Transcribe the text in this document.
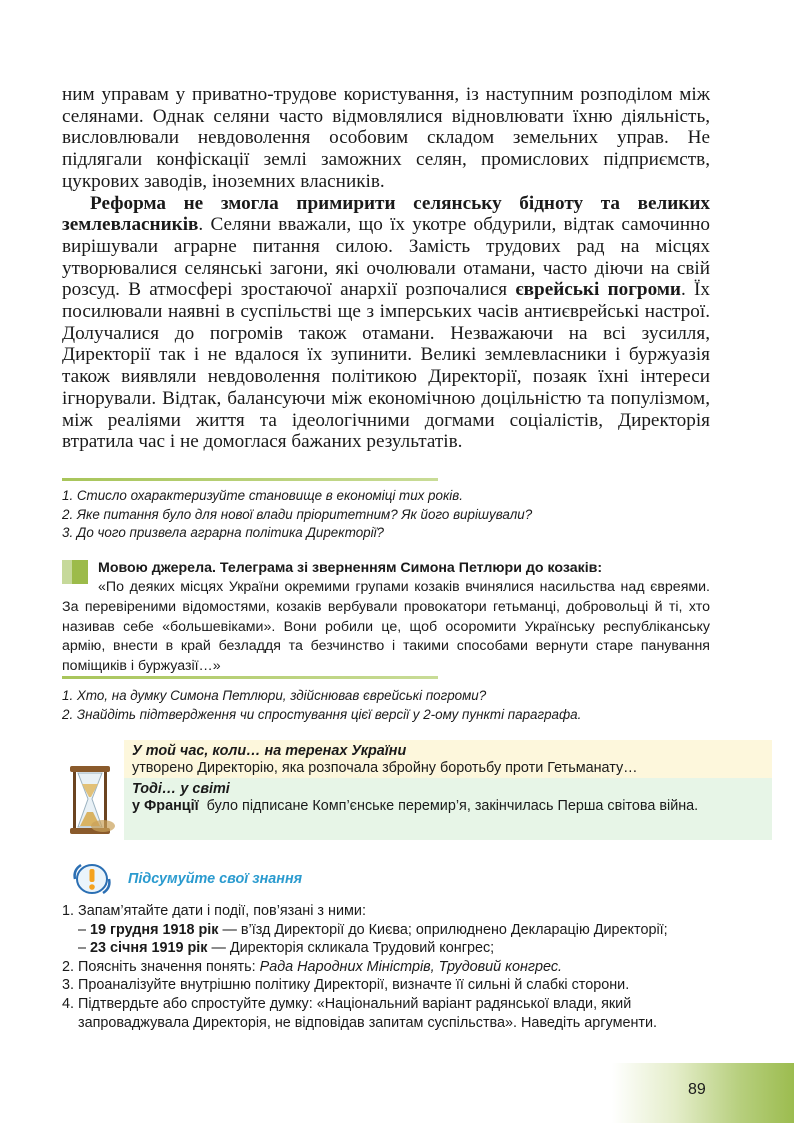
ним управам у приватно-трудове користування, із наступним розподілом між селянами. Однак селяни часто відмовлялися відновлювати їхню діяльність, висловлювали невдоволення особовим складом земельних управ. Не підлягали конфіскації землі заможних селян, промислових підприємств, цукрових заводів, іноземних власників.

Реформа не змогла примирити селянську бідноту та великих землевласників. Селяни вважали, що їх укотре обдурили, відтак самочинно вирішували аграрне питання силою. Замість трудових рад на місцях утворювалися селянські загони, які очолювали отамани, часто діючи на свій розсуд. В атмосфері зростаючої анархії розпочалися єврейські погроми. Їх посилювали наявні в суспільстві ще з імперських часів антиєврейські настрої. Долучалися до погромів також отамани. Незважаючи на всі зусилля, Директорії так і не вдалося їх зупинити. Великі землевласники і буржуазія також виявляли невдоволення політикою Директорії, позаяк їхні інтереси ігнорували. Відтак, балансуючи між економічною доцільністю та популізмом, між реаліями життя та ідеологічними догмами соціалістів, Директорія втратила час і не домоглася бажаних результатів.

1. Стисло охарактеризуйте становище в економіці тих років.
2. Яке питання було для нової влади пріоритетним? Як його вирішували?
3. До чого призвела аграрна політика Директорії?
Мовою джерела. Телеграма зі зверненням Симона Петлюри до козаків:
«По деяких місцях України окремими групами козаків вчинялися насильства над євреями. За перевіреними відомостями, козаків вербували провокатори гетьманці, добровольці й ті, хто називав себе «большевіками». Вони робили це, щоб осоромити Українську республіканську армію, внести в край безладдя та безчинство і такими способами вернути старе панування поміщиків і буржуазії…»
1. Хто, на думку Симона Петлюри, здійснював єврейські погроми?
2. Знайдіть підтвердження чи спростування цієї версії у 2-ому пункті параграфа.
У той час, коли… на теренах України
утворено Директорію, яка розпочала збройну боротьбу проти Гетьманату…
Тоді… у світі
у Франції  було підписане Комп’єнське перемир’я, закінчилась Перша світова війна.
Підсумуйте свої знання
1. Запам’ятайте дати і події, пов’язані з ними:
– 19 грудня 1918 рік — в’їзд Директорії до Києва; оприлюднено Декларацію Директорії;
– 23 січня 1919 рік — Директорія скликала Трудовий конгрес;
2. Поясніть значення понять: Рада Народних Міністрів, Трудовий конгрес.
3. Проаналізуйте внутрішню політику Директорії, визначте її сильні й слабкі сторони.
4. Підтвердьте або спростуйте думку: «Національний варіант радянської влади, який
запроваджувала Директорія, не відповідав запитам суспільства». Наведіть аргументи.
89
